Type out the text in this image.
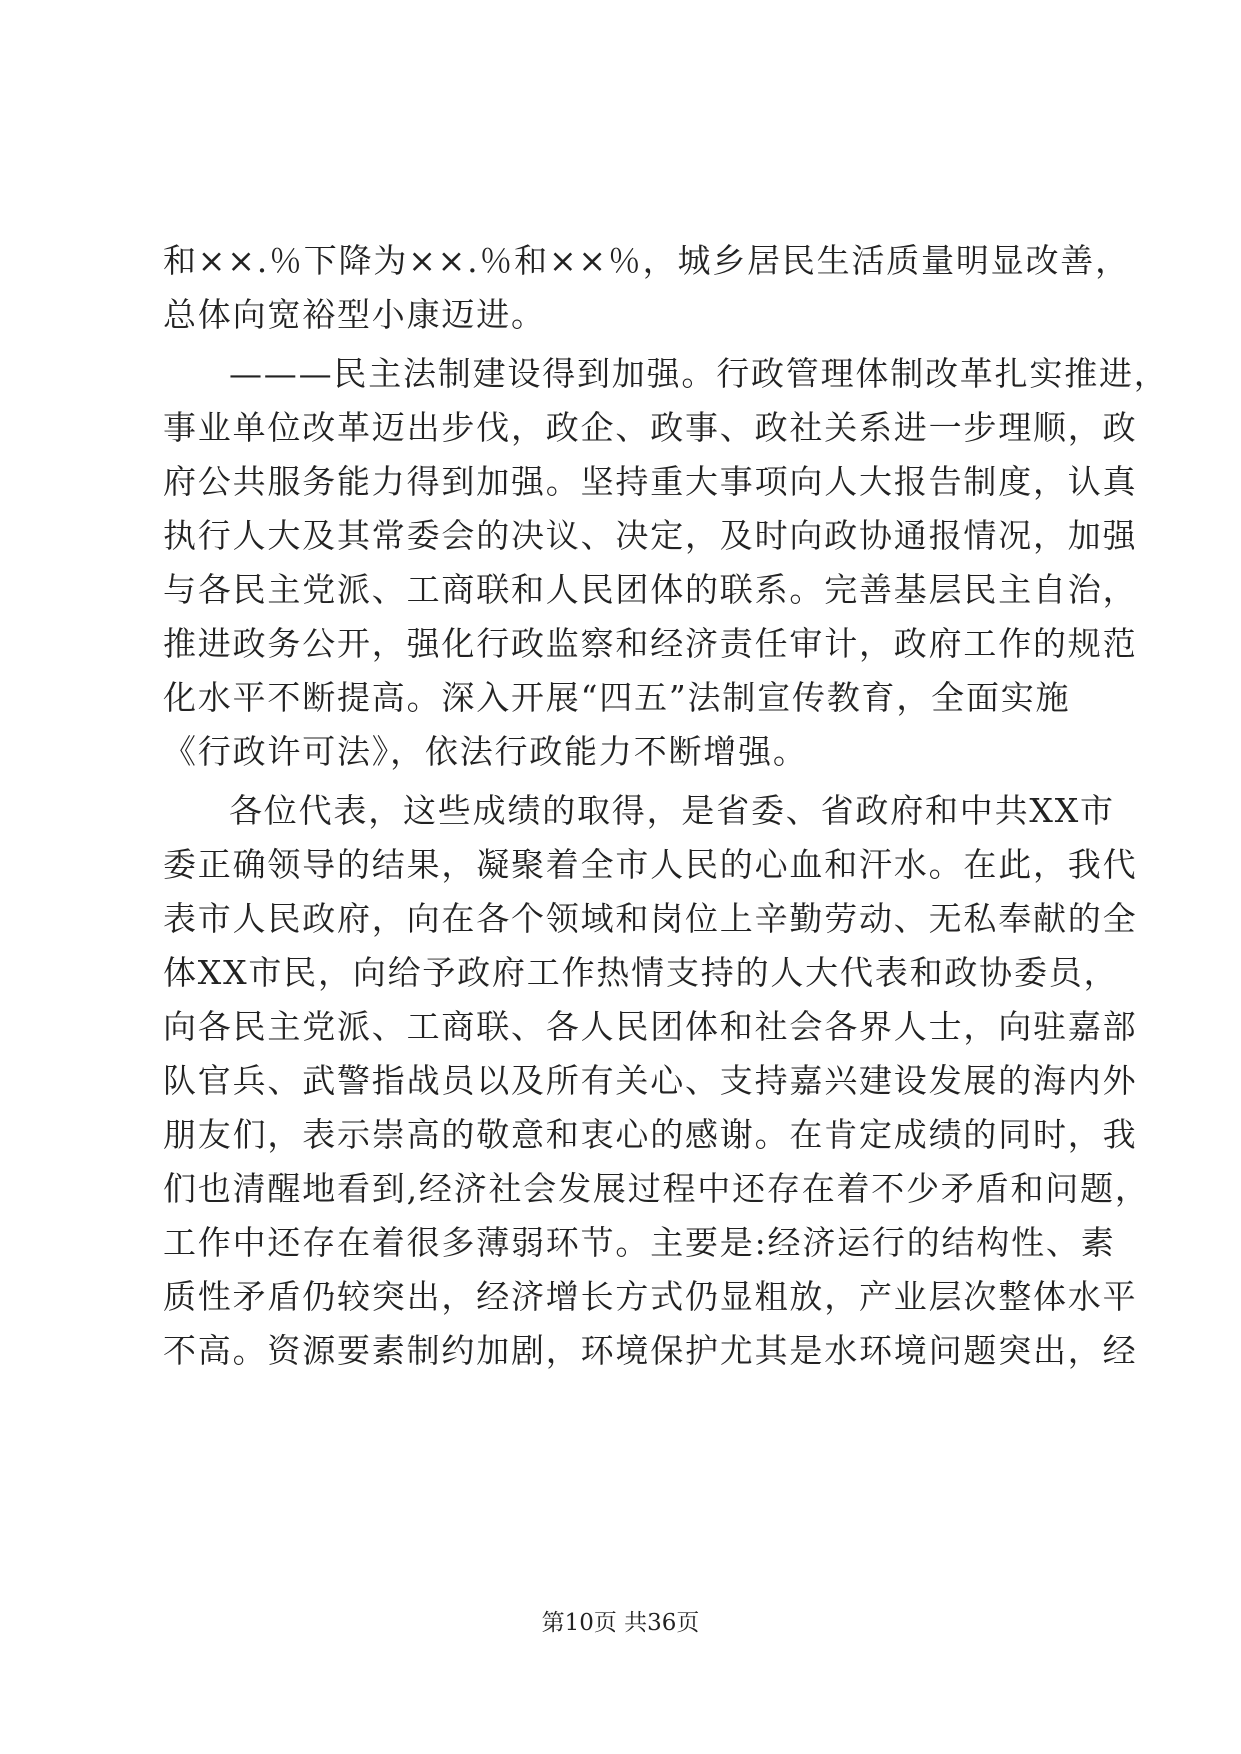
和××.％下降为××.％和××％，城乡居民生活质量明显改善，
总体向宽裕型小康迈进。
———民主法制建设得到加强。行政管理体制改革扎实推进，
事业单位改革迈出步伐，政企、政事、政社关系进一步理顺，政
府公共服务能力得到加强。坚持重大事项向人大报告制度，认真
执行人大及其常委会的决议、决定，及时向政协通报情况，加强
与各民主党派、工商联和人民团体的联系。完善基层民主自治，
推进政务公开，强化行政监察和经济责任审计，政府工作的规范
化水平不断提高。深入开展“四五”法制宣传教育，全面实施
《行政许可法》，依法行政能力不断增强。
各位代表，这些成绩的取得，是省委、省政府和中共XX市
委正确领导的结果，凝聚着全市人民的心血和汗水。在此，我代
表市人民政府，向在各个领域和岗位上辛勤劳动、无私奉献的全
体XX市民，向给予政府工作热情支持的人大代表和政协委员，
向各民主党派、工商联、各人民团体和社会各界人士，向驻嘉部
队官兵、武警指战员以及所有关心、支持嘉兴建设发展的海内外
朋友们，表示崇高的敬意和衷心的感谢。在肯定成绩的同时，我
们也清醒地看到,经济社会发展过程中还存在着不少矛盾和问题，
工作中还存在着很多薄弱环节。主要是:经济运行的结构性、素
质性矛盾仍较突出，经济增长方式仍显粗放，产业层次整体水平
不高。资源要素制约加剧，环境保护尤其是水环境问题突出，经
第10页 共36页
